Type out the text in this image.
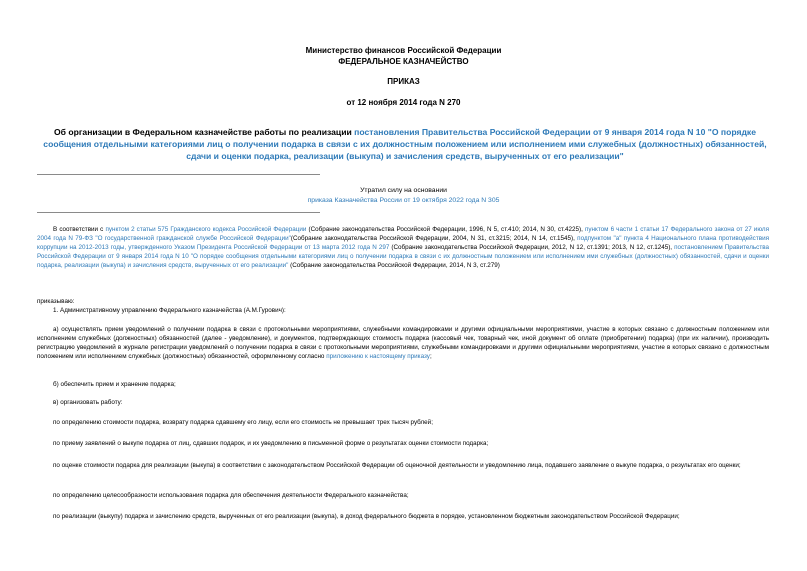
Министерство финансов Российской Федерации
ФЕДЕРАЛЬНОЕ КАЗНАЧЕЙСТВО
ПРИКАЗ
от 12 ноября 2014 года N 270
Об организации в Федеральном казначействе работы по реализации постановления Правительства Российской Федерации от 9 января 2014 года N 10 "О порядке сообщения отдельными категориями лиц о получении подарка в связи с их должностным положением или исполнением ими служебных (должностных) обязанностей, сдачи и оценки подарка, реализации (выкупа) и зачисления средств, вырученных от его реализации"
Утратил силу на основании
приказа Казначейства России от 19 октября 2022 года N 305
В соответствии с пунктом 2 статьи 575 Гражданского кодекса Российской Федерации (Собрание законодательства Российской Федерации, 1996, N 5, ст.410; 2014, N 30, ст.4225), пунктом 6 части 1 статьи 17 Федерального закона от 27 июля 2004 года N 79-ФЗ "О государственной гражданской службе Российской Федерации"(Собрание законодательства Российской Федерации, 2004, N 31, ст.3215; 2014, N 14, ст.1545), подпунктом "а" пункта 4 Национального плана противодействия коррупции на 2012-2013 годы, утвержденного Указом Президента Российской Федерации от 13 марта 2012 года N 297 (Собрание законодательства Российской Федерации, 2012, N 12, ст.1391; 2013, N 12, ст.1245), постановлением Правительства Российской Федерации от 9 января 2014 года N 10 "О порядке сообщения отдельными категориями лиц о получении подарка в связи с их должностным положением или исполнением ими служебных (должностных) обязанностей, сдачи и оценки подарка, реализации (выкупа) и зачисления средств, вырученных от его реализации" (Собрание законодательства Российской Федерации, 2014, N 3, ст.279)
приказываю:
1. Административному управлению Федерального казначейства (А.М.Гурович):
а) осуществлять прием уведомлений о получении подарка в связи с протокольными мероприятиями, служебными командировками и другими официальными мероприятиями, участие в которых связано с должностным положением или исполнением служебных (должностных) обязанностей (далее - уведомление), и документов, подтверждающих стоимость подарка (кассовый чек, товарный чек, иной документ об оплате (приобретении) подарка) (при их наличии), производить регистрацию уведомлений в журнале регистрации уведомлений о получении подарка в связи с протокольными мероприятиями, служебными командировками и другими официальными мероприятиями, участие в которых связано с должностным положением или исполнением служебных (должностных) обязанностей, оформленному согласно приложению к настоящему приказу;
б) обеспечить прием и хранение подарка;
в) организовать работу:
по определению стоимости подарка, возврату подарка сдавшему его лицу, если его стоимость не превышает трех тысяч рублей;
по приему заявлений о выкупе подарка от лиц, сдавших подарок, и их уведомлению в письменной форме о результатах оценки стоимости подарка;
по оценке стоимости подарка для реализации (выкупа) в соответствии с законодательством Российской Федерации об оценочной деятельности и уведомлению лица, подавшего заявление о выкупе подарка, о результатах его оценки;
по определению целесообразности использования подарка для обеспечения деятельности Федерального казначейства;
по реализации (выкупу) подарка и зачислению средств, вырученных от его реализации (выкупа), в доход федерального бюджета в порядке, установленном бюджетным законодательством Российской Федерации;
